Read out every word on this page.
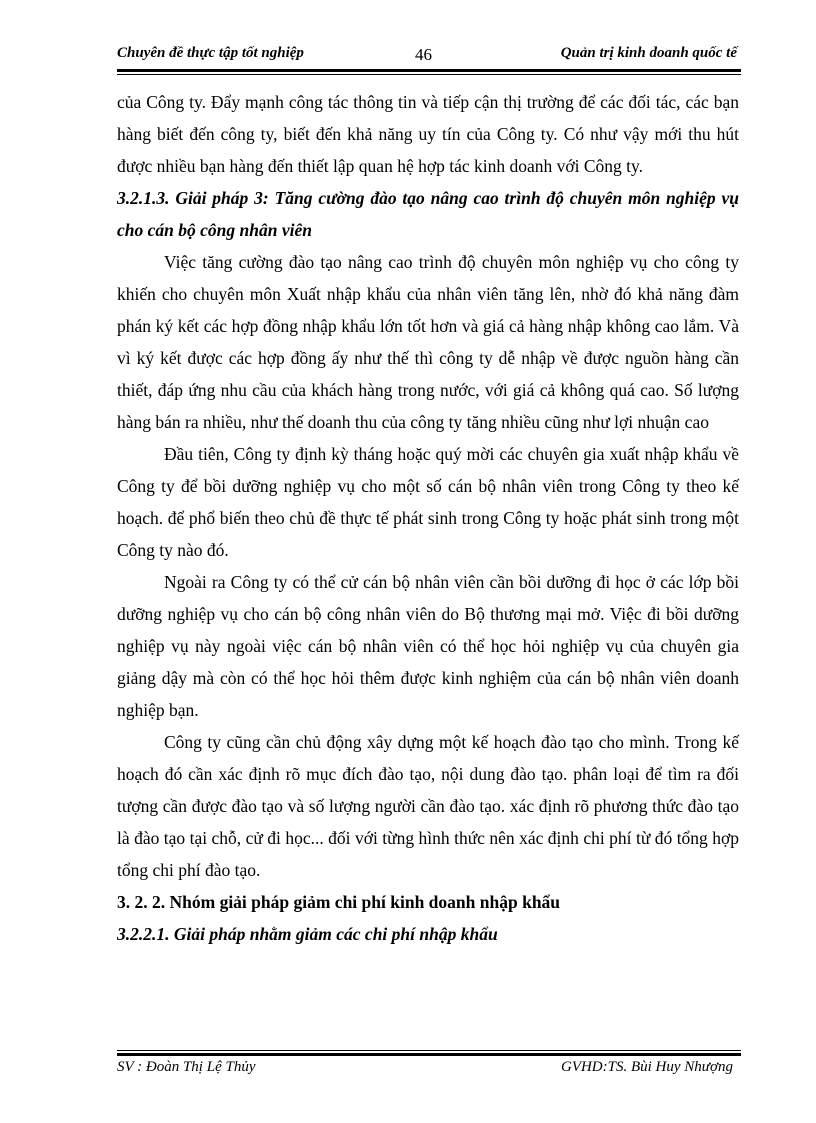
Chuyên đề thực tập tốt nghiệp	46	Quản trị kinh doanh quốc tế

của Công ty. Đẩy mạnh công tác thông tin và tiếp cận thị trường để các đối tác, các bạn hàng biết đến công ty, biết đến khả năng uy tín của Công ty. Có như vậy mới thu hút được nhiều bạn hàng đến thiết lập quan hệ hợp tác kinh doanh với Công ty.

3.2.1.3. Giải pháp 3: Tăng cường đào tạo nâng cao trình độ chuyên môn nghiệp vụ cho cán bộ công nhân viên

Việc tăng cường đào tạo nâng cao trình độ chuyên môn nghiệp vụ cho công ty khiến cho chuyên môn Xuất nhập khẩu của nhân viên tăng lên, nhờ đó khả năng đàm phán ký kết các hợp đồng nhập khẩu lớn tốt hơn và giá cả hàng nhập không cao lắm. Và vì ký kết được các hợp đồng ấy như thế thì công ty dễ nhập về được nguồn hàng cần thiết, đáp ứng nhu cầu của khách hàng trong nước, với giá cả không quá cao. Số lượng hàng bán ra nhiều, như thế doanh thu của công ty tăng nhiều cũng như lợi nhuận cao

Đầu tiên, Công ty định kỳ tháng hoặc quý mời các chuyên gia xuất nhập khẩu về Công ty để bồi dưỡng nghiệp vụ cho một số cán bộ nhân viên trong Công ty theo kế hoạch. để phổ biến theo chủ đề thực tế phát sinh trong Công ty hoặc phát sinh trong một Công ty nào đó.

Ngoài ra Công ty có thể cử cán bộ nhân viên cần bồi dưỡng đi học ở các lớp bồi dưỡng nghiệp vụ cho cán bộ công nhân viên do Bộ thương mại mở. Việc đi bồi dưỡng nghiệp vụ này ngoài việc cán bộ nhân viên có thể học hỏi nghiệp vụ của chuyên gia giảng dậy mà còn có thể học hỏi thêm được kinh nghiệm của cán bộ nhân viên doanh nghiệp bạn.

Công ty cũng cần chủ động xây dựng một kế hoạch đào tạo cho mình. Trong kế hoạch đó cần xác định rõ mục đích đào tạo, nội dung đào tạo. phân loại để tìm ra đối tượng cần được đào tạo và số lượng người cần đào tạo. xác định rõ phương thức đào tạo là đào tạo tại chỗ, cử đi học... đối với từng hình thức nên xác định chi phí từ đó tổng hợp tổng chi phí đào tạo.

3. 2. 2. Nhóm giải pháp giảm chi phí kinh doanh nhập khẩu

3.2.2.1. Giải pháp nhằm giảm các chi phí nhập khẩu

SV : Đoàn Thị Lệ Thủy	GVHD:TS. Bùi Huy Nhượng
